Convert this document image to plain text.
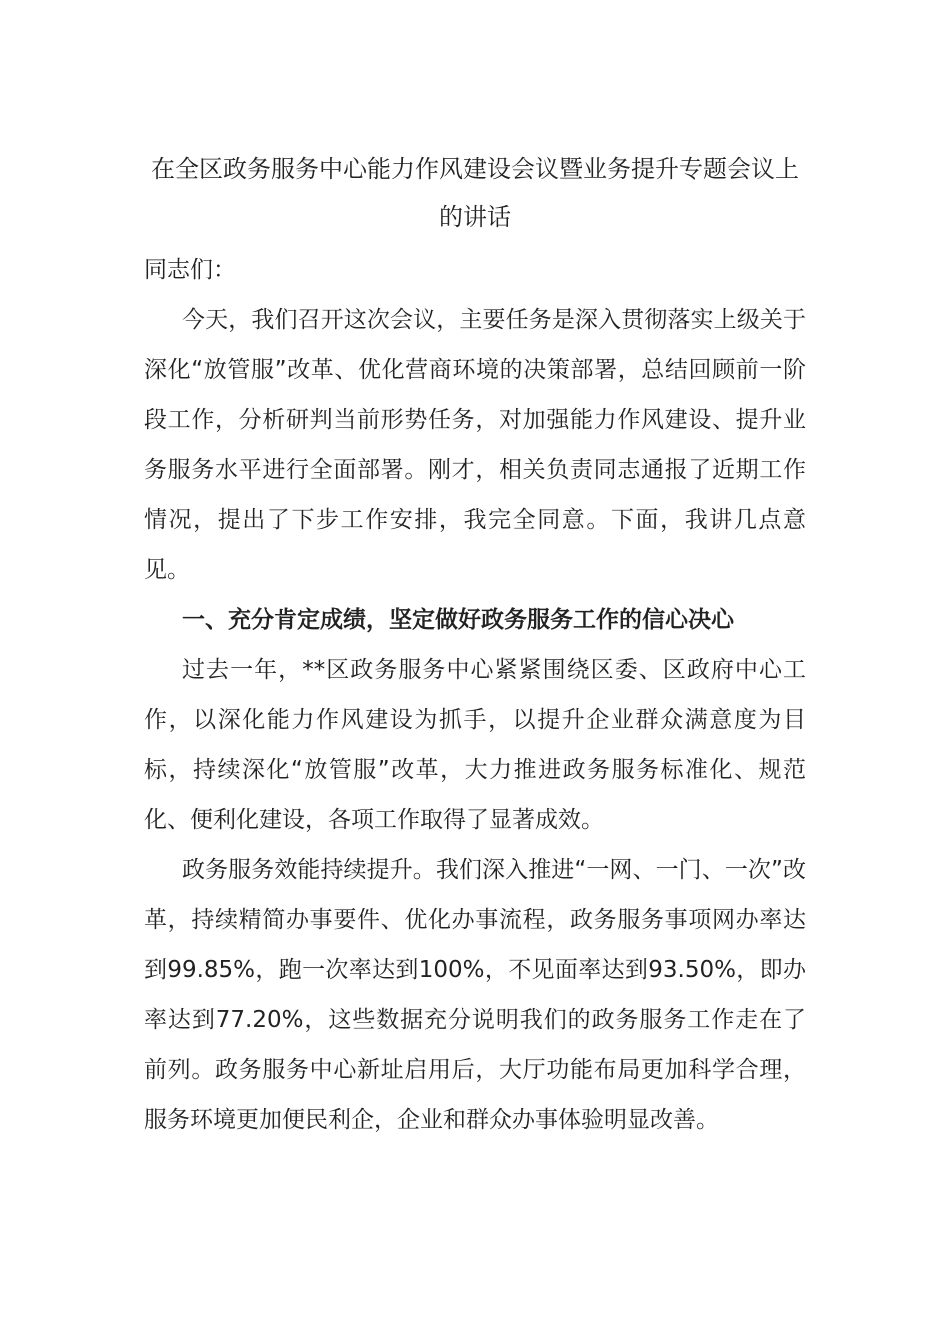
在全区政务服务中心能力作风建设会议暨业务提升专题会议上的讲话

同志们：

今天，我们召开这次会议，主要任务是深入贯彻落实上级关于深化“放管服”改革、优化营商环境的决策部署，总结回顾前一阶段工作，分析研判当前形势任务，对加强能力作风建设、提升业务服务水平进行全面部署。刚才，相关负责同志通报了近期工作情况，提出了下步工作安排，我完全同意。下面，我讲几点意见。

一、充分肯定成绩，坚定做好政务服务工作的信心决心

过去一年，**区政务服务中心紧紧围绕区委、区政府中心工作，以深化能力作风建设为抓手，以提升企业群众满意度为目标，持续深化“放管服”改革，大力推进政务服务标准化、规范化、便利化建设，各项工作取得了显著成效。

政务服务效能持续提升。我们深入推进“一网、一门、一次”改革，持续精简办事要件、优化办事流程，政务服务事项网办率达到99.85%，跑一次率达到100%，不见面率达到93.50%，即办率达到77.20%，这些数据充分说明我们的政务服务工作走在了前列。政务服务中心新址启用后，大厅功能布局更加科学合理，服务环境更加便民利企，企业和群众办事体验明显改善。
